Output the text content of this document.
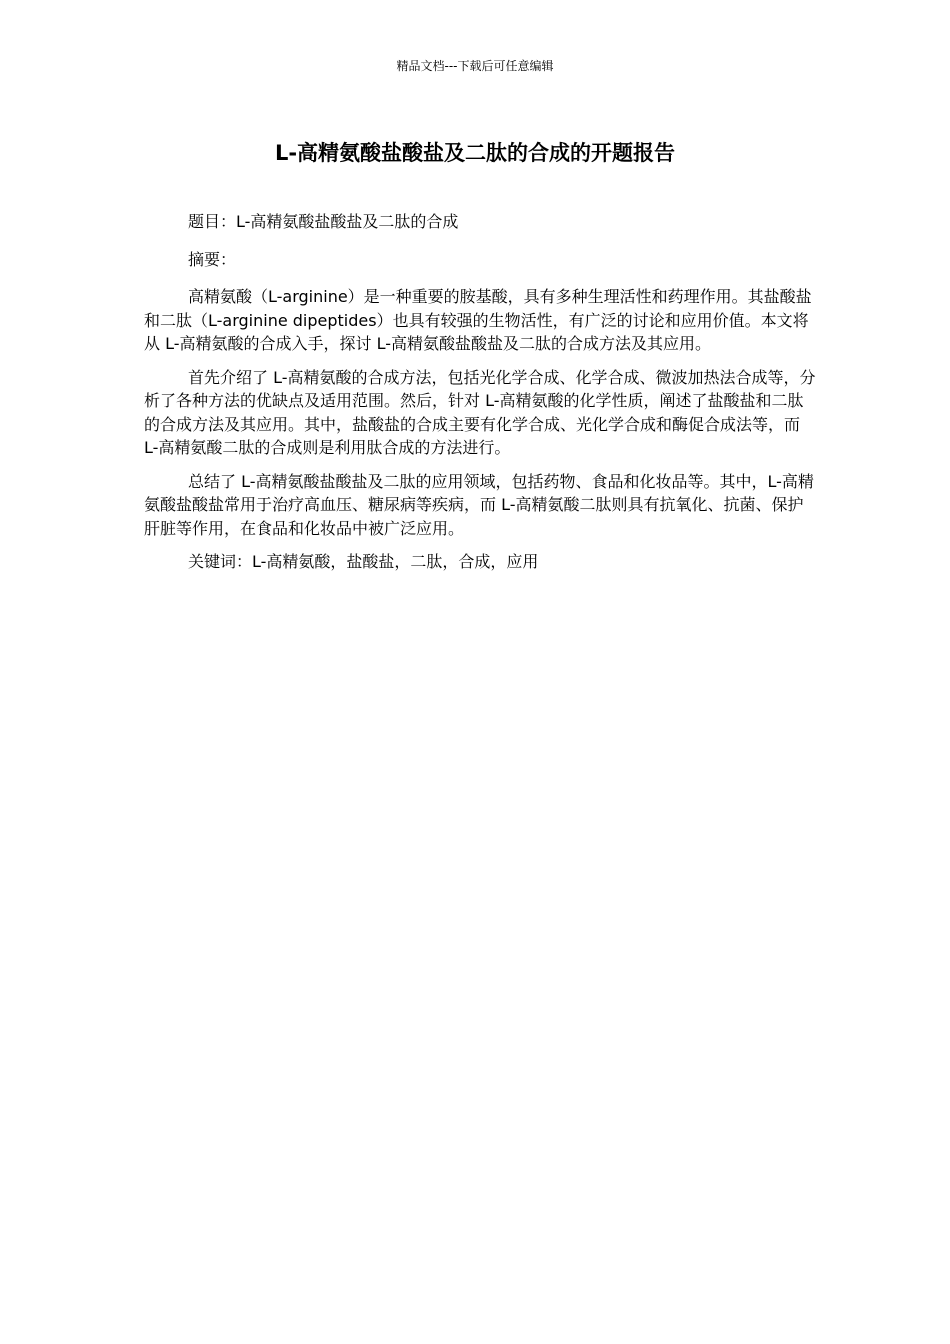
精品文档---下载后可任意编辑
L-高精氨酸盐酸盐及二肽的合成的开题报告

题目：L-高精氨酸盐酸盐及二肽的合成

摘要：

高精氨酸（L-arginine）是一种重要的胺基酸，具有多种生理活性和药理作用。其盐酸盐和二肽（L-arginine dipeptides）也具有较强的生物活性，有广泛的讨论和应用价值。本文将从 L-高精氨酸的合成入手，探讨 L-高精氨酸盐酸盐及二肽的合成方法及其应用。

首先介绍了 L-高精氨酸的合成方法，包括光化学合成、化学合成、微波加热法合成等，分析了各种方法的优缺点及适用范围。然后，针对 L-高精氨酸的化学性质，阐述了盐酸盐和二肽的合成方法及其应用。其中，盐酸盐的合成主要有化学合成、光化学合成和酶促合成法等，而 L-高精氨酸二肽的合成则是利用肽合成的方法进行。

总结了 L-高精氨酸盐酸盐及二肽的应用领域，包括药物、食品和化妆品等。其中，L-高精氨酸盐酸盐常用于治疗高血压、糖尿病等疾病，而 L-高精氨酸二肽则具有抗氧化、抗菌、保护肝脏等作用，在食品和化妆品中被广泛应用。

关键词：L-高精氨酸，盐酸盐，二肽，合成，应用
